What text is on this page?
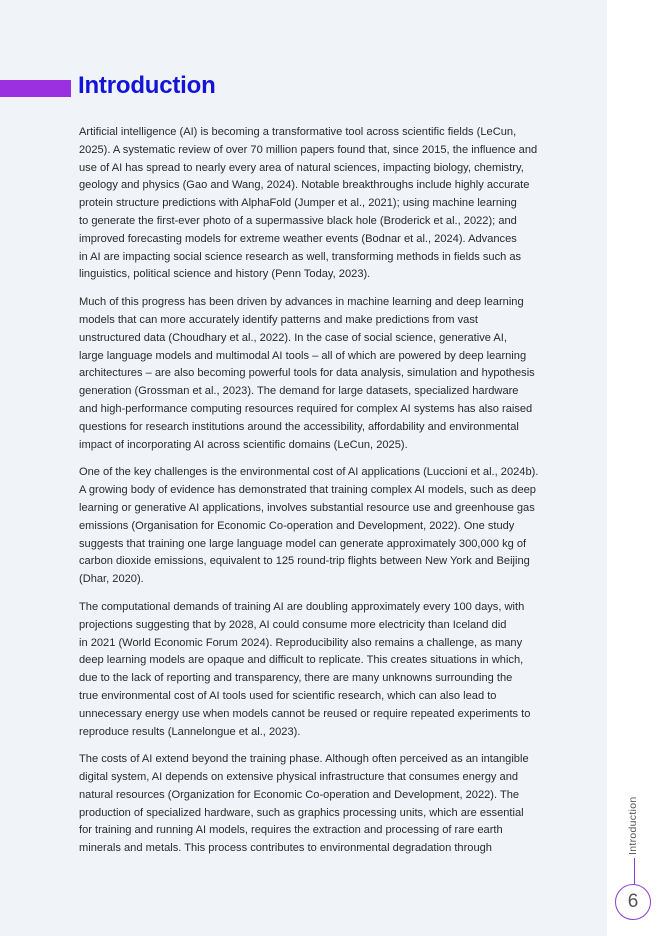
Introduction

Artificial intelligence (AI) is becoming a transformative tool across scientific fields (LeCun,
2025). A systematic review of over 70 million papers found that, since 2015, the influence and
use of AI has spread to nearly every area of natural sciences, impacting biology, chemistry,
geology and physics (Gao and Wang, 2024). Notable breakthroughs include highly accurate
protein structure predictions with AlphaFold (Jumper et al., 2021); using machine learning
to generate the first-ever photo of a supermassive black hole (Broderick et al., 2022); and
improved forecasting models for extreme weather events (Bodnar et al., 2024). Advances
in AI are impacting social science research as well, transforming methods in fields such as
linguistics, political science and history (Penn Today, 2023).

Much of this progress has been driven by advances in machine learning and deep learning
models that can more accurately identify patterns and make predictions from vast
unstructured data (Choudhary et al., 2022). In the case of social science, generative AI,
large language models and multimodal AI tools – all of which are powered by deep learning
architectures – are also becoming powerful tools for data analysis, simulation and hypothesis
generation (Grossman et al., 2023). The demand for large datasets, specialized hardware
and high-performance computing resources required for complex AI systems has also raised
questions for research institutions around the accessibility, affordability and environmental
impact of incorporating AI across scientific domains (LeCun, 2025).

One of the key challenges is the environmental cost of AI applications (Luccioni et al., 2024b).
A growing body of evidence has demonstrated that training complex AI models, such as deep
learning or generative AI applications, involves substantial resource use and greenhouse gas
emissions (Organisation for Economic Co-operation and Development, 2022). One study
suggests that training one large language model can generate approximately 300,000 kg of
carbon dioxide emissions, equivalent to 125 round-trip flights between New York and Beijing
(Dhar, 2020).

The computational demands of training AI are doubling approximately every 100 days, with
projections suggesting that by 2028, AI could consume more electricity than Iceland did
in 2021 (World Economic Forum 2024). Reproducibility also remains a challenge, as many
deep learning models are opaque and difficult to replicate. This creates situations in which,
due to the lack of reporting and transparency, there are many unknowns surrounding the
true environmental cost of AI tools used for scientific research, which can also lead to
unnecessary energy use when models cannot be reused or require repeated experiments to
reproduce results (Lannelongue et al., 2023).

The costs of AI extend beyond the training phase. Although often perceived as an intangible
digital system, AI depends on extensive physical infrastructure that consumes energy and
natural resources (Organization for Economic Co-operation and Development, 2022). The
production of specialized hardware, such as graphics processing units, which are essential
for training and running AI models, requires the extraction and processing of rare earth
minerals and metals. This process contributes to environmental degradation through	Introduction
6
